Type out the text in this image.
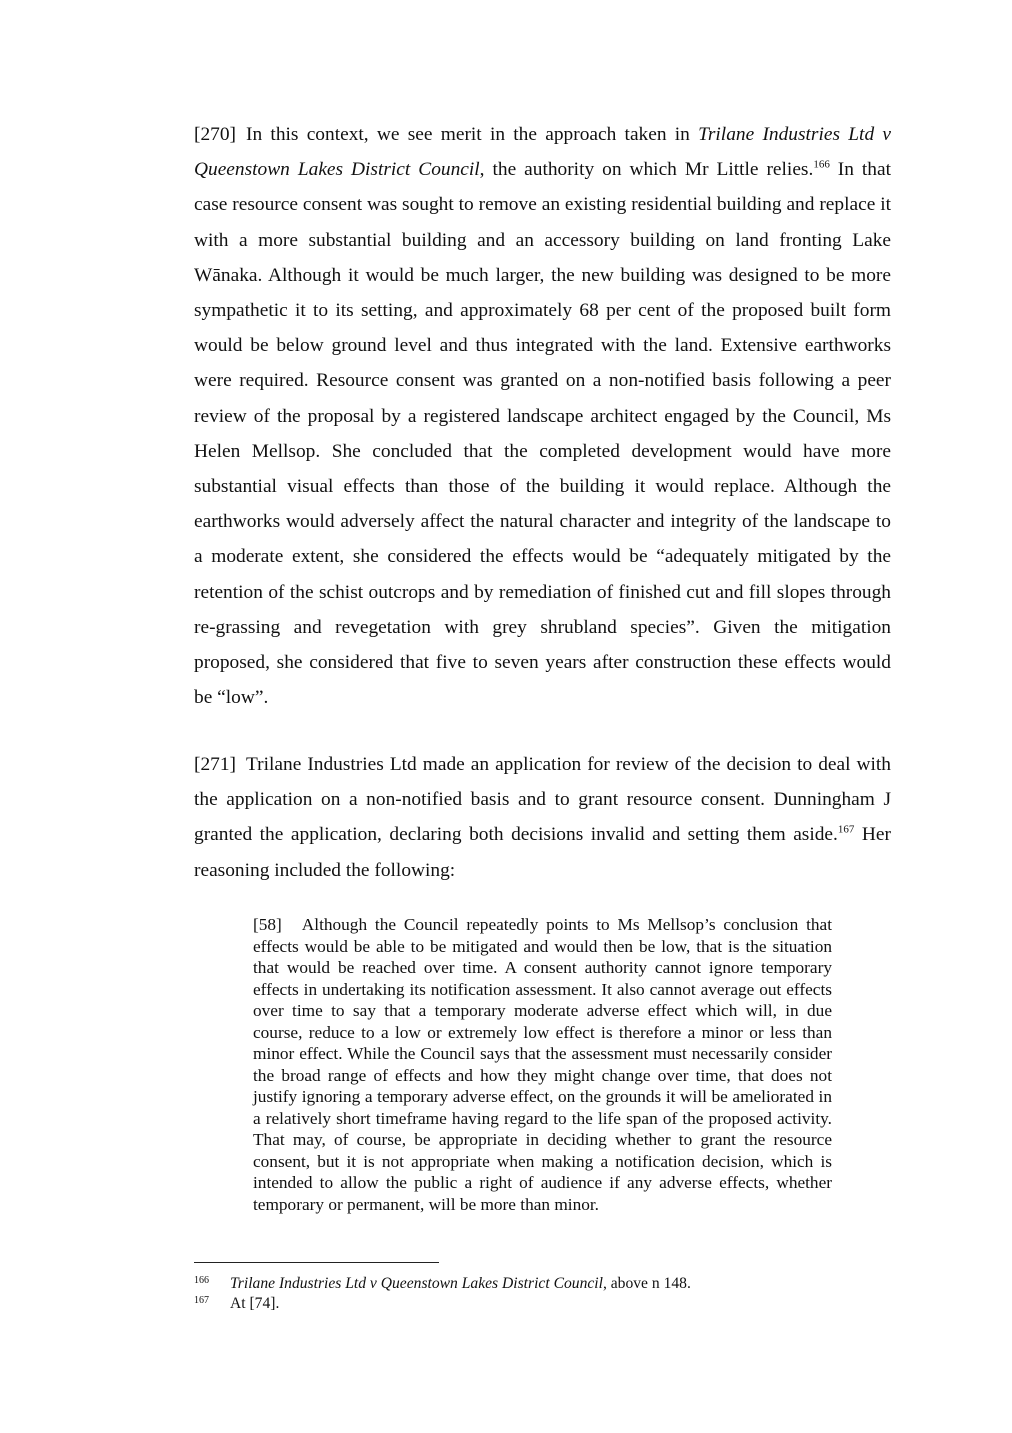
[270] In this context, we see merit in the approach taken in Trilane Industries Ltd v Queenstown Lakes District Council, the authority on which Mr Little relies.$^{166}$ In that case resource consent was sought to remove an existing residential building and replace it with a more substantial building and an accessory building on land fronting Lake Wānaka. Although it would be much larger, the new building was designed to be more sympathetic it to its setting, and approximately 68 per cent of the proposed built form would be below ground level and thus integrated with the land. Extensive earthworks were required. Resource consent was granted on a non-notified basis following a peer review of the proposal by a registered landscape architect engaged by the Council, Ms Helen Mellsop. She concluded that the completed development would have more substantial visual effects than those of the building it would replace. Although the earthworks would adversely affect the natural character and integrity of the landscape to a moderate extent, she considered the effects would be “adequately mitigated by the retention of the schist outcrops and by remediation of finished cut and fill slopes through re-grassing and revegetation with grey shrubland species”. Given the mitigation proposed, she considered that five to seven years after construction these effects would be “low”.

[271] Trilane Industries Ltd made an application for review of the decision to deal with the application on a non-notified basis and to grant resource consent. Dunningham J granted the application, declaring both decisions invalid and setting them aside.$^{167}$ Her reasoning included the following:

[58] Although the Council repeatedly points to Ms Mellsop’s conclusion that effects would be able to be mitigated and would then be low, that is the situation that would be reached over time. A consent authority cannot ignore temporary effects in undertaking its notification assessment. It also cannot average out effects over time to say that a temporary moderate adverse effect which will, in due course, reduce to a low or extremely low effect is therefore a minor or less than minor effect. While the Council says that the assessment must necessarily consider the broad range of effects and how they might change over time, that does not justify ignoring a temporary adverse effect, on the grounds it will be ameliorated in a relatively short timeframe having regard to the life span of the proposed activity. That may, of course, be appropriate in deciding whether to grant the resource consent, but it is not appropriate when making a notification decision, which is intended to allow the public a right of audience if any adverse effects, whether temporary or permanent, will be more than minor.

166 Trilane Industries Ltd v Queenstown Lakes District Council, above n 148.

167 At [74].
